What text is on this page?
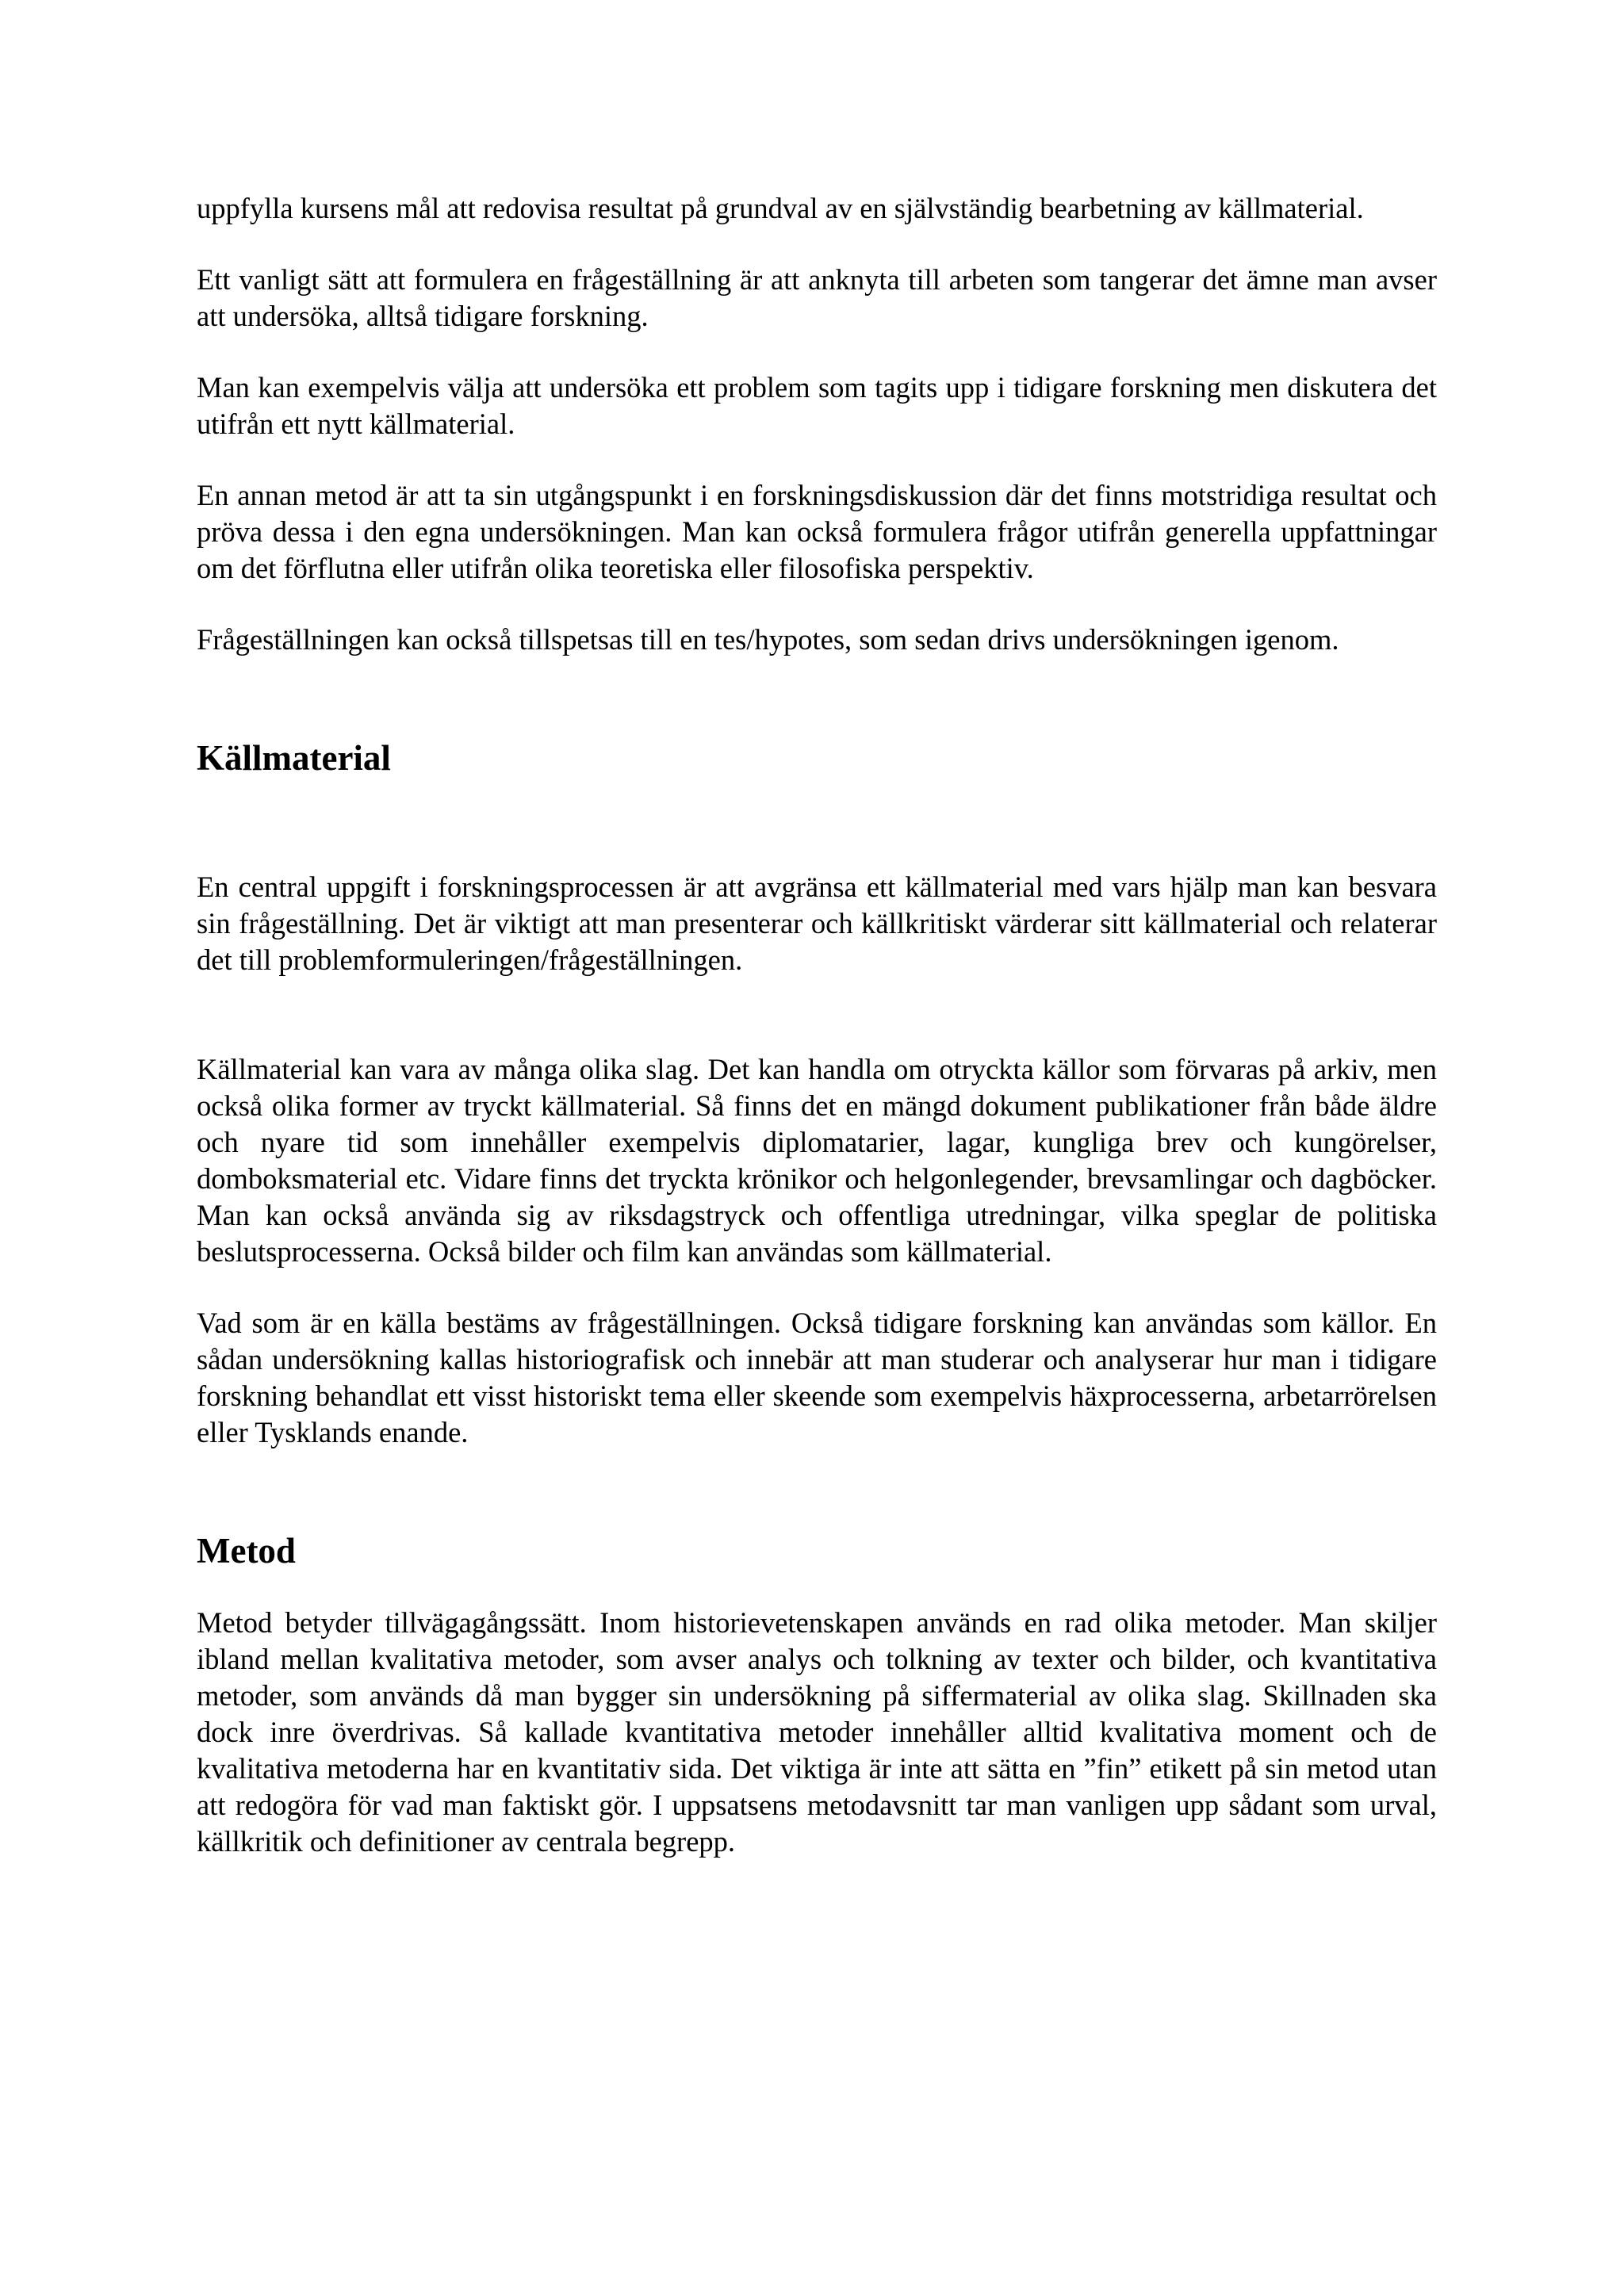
uppfylla kursens mål att redovisa resultat på grundval av en självständig bearbetning av källmaterial.

Ett vanligt sätt att formulera en frågeställning är att anknyta till arbeten som tangerar det ämne man avser att undersöka, alltså tidigare forskning.

Man kan exempelvis välja att undersöka ett problem som tagits upp i tidigare forskning men diskutera det utifrån ett nytt källmaterial.

En annan metod är att ta sin utgångspunkt i en forskningsdiskussion där det finns motstridiga resultat och pröva dessa i den egna undersökningen. Man kan också formulera frågor utifrån generella uppfattningar om det förflutna eller utifrån olika teoretiska eller filosofiska perspektiv.

Frågeställningen kan också tillspetsas till en tes/hypotes, som sedan drivs undersökningen igenom.

Källmaterial

En central uppgift i forskningsprocessen är att avgränsa ett källmaterial med vars hjälp man kan besvara sin frågeställning. Det är viktigt att man presenterar och källkritiskt värderar sitt källmaterial och relaterar det till problemformuleringen/frågeställningen.

Källmaterial kan vara av många olika slag. Det kan handla om otryckta källor som förvaras på arkiv, men också olika former av tryckt källmaterial. Så finns det en mängd dokument publikationer från både äldre och nyare tid som innehåller exempelvis diplomatarier, lagar, kungliga brev och kungörelser, domboksmaterial etc. Vidare finns det tryckta krönikor och helgonlegender, brevsamlingar och dagböcker. Man kan också använda sig av riksdagstryck och offentliga utredningar, vilka speglar de politiska beslutsprocesserna. Också bilder och film kan användas som källmaterial.

Vad som är en källa bestäms av frågeställningen. Också tidigare forskning kan användas som källor. En sådan undersökning kallas historiografisk och innebär att man studerar och analyserar hur man i tidigare forskning behandlat ett visst historiskt tema eller skeende som exempelvis häxprocesserna, arbetarrörelsen eller Tysklands enande.

Metod

Metod betyder tillvägagångssätt. Inom historievetenskapen används en rad olika metoder. Man skiljer ibland mellan kvalitativa metoder, som avser analys och tolkning av texter och bilder, och kvantitativa metoder, som används då man bygger sin undersökning på siffermaterial av olika slag. Skillnaden ska dock inre överdrivas. Så kallade kvantitativa metoder innehåller alltid kvalitativa moment och de kvalitativa metoderna har en kvantitativ sida. Det viktiga är inte att sätta en ”fin” etikett på sin metod utan att redogöra för vad man faktiskt gör. I uppsatsens metodavsnitt tar man vanligen upp sådant som urval, källkritik och definitioner av centrala begrepp.
